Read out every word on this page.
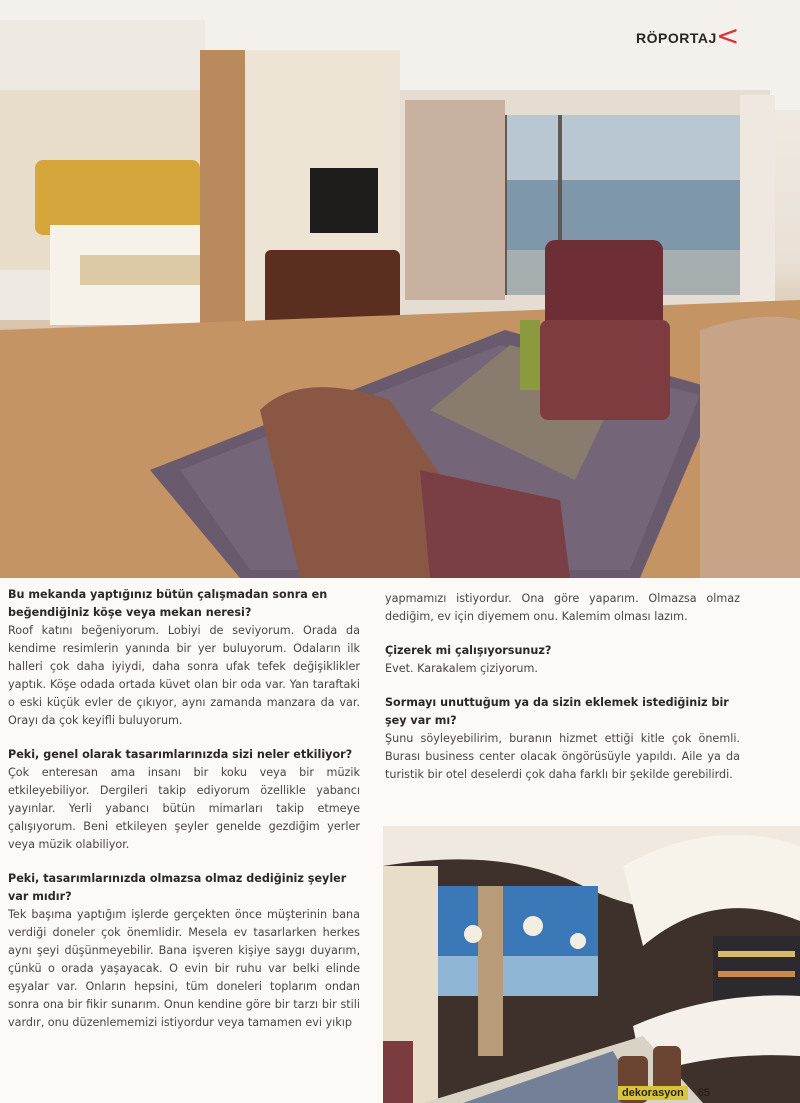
RÖPORTAJ <

Bu mekanda yaptığınız bütün çalışmadan sonra en beğendiğiniz köşe veya mekan neresi?

Roof katını beğeniyorum. Lobiyi de seviyorum. Orada da kendime resimlerin yanında bir yer buluyorum. Odaların ilk halleri çok daha iyiydi, daha sonra ufak tefek değişiklikler yaptık. Köşe odada ortada küvet olan bir oda var. Yan taraftaki o eski küçük evler de çıkıyor, aynı zamanda manzara da var. Orayı da çok keyifli buluyorum.

Peki, genel olarak tasarımlarınızda sizi neler etkiliyor?

Çok enteresan ama insanı bir koku veya bir müzik etkileyebiliyor. Dergileri takip ediyorum özellikle yabancı yayınlar. Yerli yabancı bütün mimarları takip etmeye çalışıyorum. Beni etkileyen şeyler genelde gezdiğim yerler veya müzik olabiliyor.

Peki, tasarımlarınızda olmazsa olmaz dediğiniz şeyler var mıdır?

Tek başıma yaptığım işlerde gerçekten önce müşterinin bana verdiği doneler çok önemlidir. Mesela ev tasarlarken herkes aynı şeyi düşünmeyebilir. Bana işveren kişiye saygı duyarım, çünkü o orada yaşayacak. O evin bir ruhu var belki elinde eşyalar var. Onların hepsini, tüm doneleri toplarım ondan sonra ona bir fikir sunarım. Onun kendine göre bir tarzı bir stili vardır, onu düzenlememizi istiyordur veya tamamen evi yıkıp

yapmamızı istiyordur. Ona göre yaparım. Olmazsa olmaz dediğim, ev için diyemem onu. Kalemim olması lazım.

Çizerek mi çalışıyorsunuz?

Evet. Karakalem çiziyorum.

Sormayı unuttuğum ya da sizin eklemek istediğiniz bir şey var mı?

Şunu söyleyebilirim, buranın hizmet ettiği kitle çok önemli. Burası business center olacak öngörüsüyle yapıldı. Aile ya da turistik bir otel deselerdi çok daha farklı bir şekilde gerebilirdi.

dekorasyon	65
